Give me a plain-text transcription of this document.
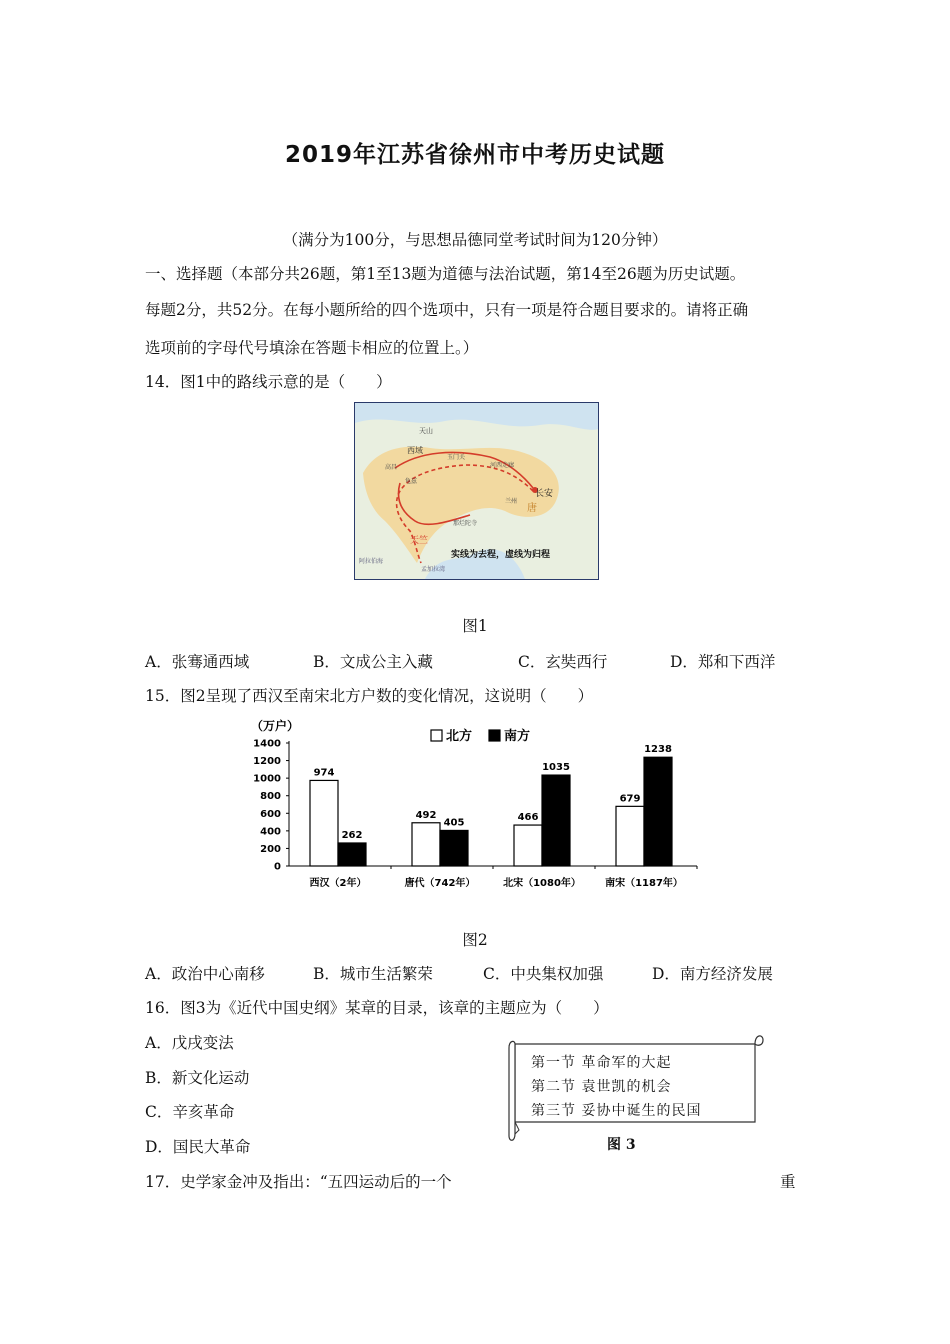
2019年江苏省徐州市中考历史试题
（满分为100分，与思想品德同堂考试时间为120分钟）
一、选择题（本部分共26题，第1至13题为道德与法治试题，第14至26题为历史试题。
每题2分，共52分。在每小题所给的四个选项中，只有一项是符合题目要求的。请将正确
选项前的字母代号填涂在答题卡相应的位置上。）
14．图1中的路线示意的是（　　）
天山
西域
高昌
玉门关
长安
龟兹
河西走廊
兰州
唐
那烂陀寺
天竺
阿拉伯海
孟加拉湾
实线为去程，虚线为归程
图1
A．张骞通西域	B．文成公主入藏	C．玄奘西行	D．郑和下西洋
15．图2呈现了西汉至南宋北方户数的变化情况，这说明（　　）
（万户）
0
200
400
600
800
1000
1200
1400
974
262
西汉（2年）
492
405
唐代（742年）
466
1035
北宋（1080年）
679
1238
南宋（1187年）
北方 南方
图2
A．政治中心南移	B．城市生活繁荣	C．中央集权加强	D．南方经济发展
16．图3为《近代中国史纲》某章的目录，该章的主题应为（　　）
A．戊戌变法
B．新文化运动
C．辛亥革命
D．国民大革命
第一节 革命军的大起
第二节 袁世凯的机会
第三节 妥协中诞生的民国
图 3
17．史学家金冲及指出：“五四运动后的一个	重
